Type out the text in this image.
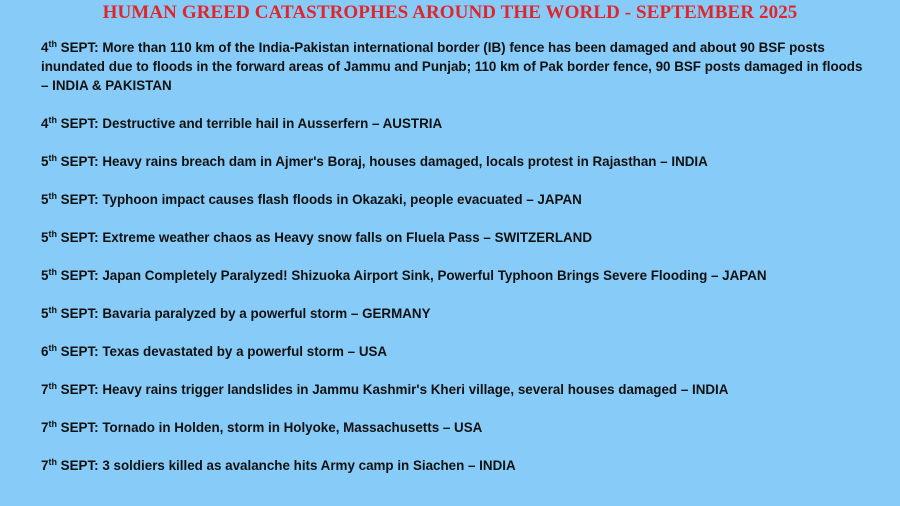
HUMAN GREED CATASTROPHES AROUND THE WORLD - SEPTEMBER 2025
4th SEPT: More than 110 km of the India-Pakistan international border (IB) fence has been damaged and about 90 BSF posts inundated due to floods in the forward areas of Jammu and Punjab; 110 km of Pak border fence, 90 BSF posts damaged in floods – INDIA & PAKISTAN
4th SEPT: Destructive and terrible hail in Ausserfern – AUSTRIA
5th SEPT: Heavy rains breach dam in Ajmer's Boraj, houses damaged, locals protest in Rajasthan – INDIA
5th SEPT: Typhoon impact causes flash floods in Okazaki, people evacuated – JAPAN
5th SEPT: Extreme weather chaos as Heavy snow falls on Fluela Pass – SWITZERLAND
5th SEPT: Japan Completely Paralyzed! Shizuoka Airport Sink, Powerful Typhoon Brings Severe Flooding – JAPAN
5th SEPT: Bavaria paralyzed by a powerful storm – GERMANY
6th SEPT: Texas devastated by a powerful storm – USA
7th SEPT: Heavy rains trigger landslides in Jammu Kashmir's Kheri village, several houses damaged – INDIA
7th SEPT: Tornado in Holden, storm in Holyoke, Massachusetts – USA
7th SEPT: 3 soldiers killed as avalanche hits Army camp in Siachen – INDIA
